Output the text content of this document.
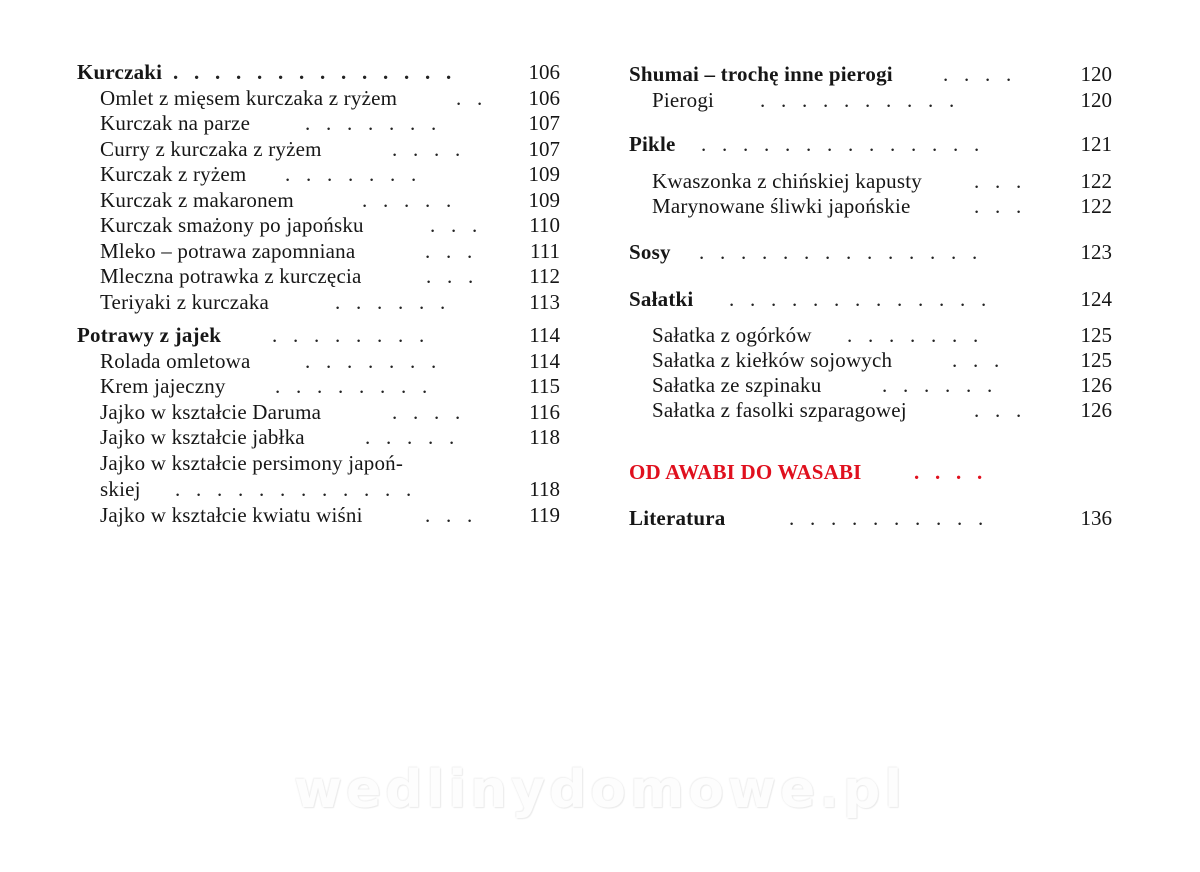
Kurczaki .   .   .   .   .   .   .   .   .   .   .   .   .   .	106
Omlet z mięsem kurczaka z ryżem	.   .	106
Kurczak na parze	.   .   .   .   .   .   .	107
Curry z kurczaka z ryżem	.   .   .   .	107
Kurczak z ryżem .   .   .   .   .   .   .	109
Kurczak z makaronem	.   .   .   .   .	109
Kurczak smażony po japońsku	.   .   .	110
Mleko – potrawa zapomniana	.   .   .	111
Mleczna potrawka z kurczęcia	.   .   .	112
Teriyaki z kurczaka	.   .   .   .   .   .	113
Potrawy z jajek .   .   .   .   .   .   .   .	114
Rolada omletowa	.   .   .   .   .   .   .	114
Krem jajeczny .   .   .   .   .   .   .   .	115
Jajko w kształcie Daruma	.   .   .   .	116
Jajko w kształcie jabłka	.   .   .   .   .	118
Jajko w kształcie persimony japoń-
skiej .   .   .   .   .   .   .   .   .   .   .   .	118
Jajko w kształcie kwiatu wiśni	.   .   .	119
Shumai – trochę inne pierogi .   .   .   .	120
Pierogi .   .   .   .   .   .   .   .   .   .	120
Pikle .   .   .   .   .   .   .   .   .   .   .   .   .   .	121
Kwaszonka z chińskiej kapusty .   .   .	122
Marynowane śliwki japońskie	.   .   .	122
Sosy .   .   .   .   .   .   .   .   .   .   .   .   .   .	123
Sałatki .   .   .   .   .   .   .   .   .   .   .   .   .	124
Sałatka z ogórków .   .   .   .   .   .   .	125
Sałatka z kiełków sojowych	.   .   .	125
Sałatka ze szpinaku	.   .   .   .   .   .	126
Sałatka z fasolki szparagowej	.   .   .	126
OD AWABI DO WASABI .   .   .   .
Literatura	.   .   .   .   .   .   .   .   .   .	136
wedlinydomowe.pl
